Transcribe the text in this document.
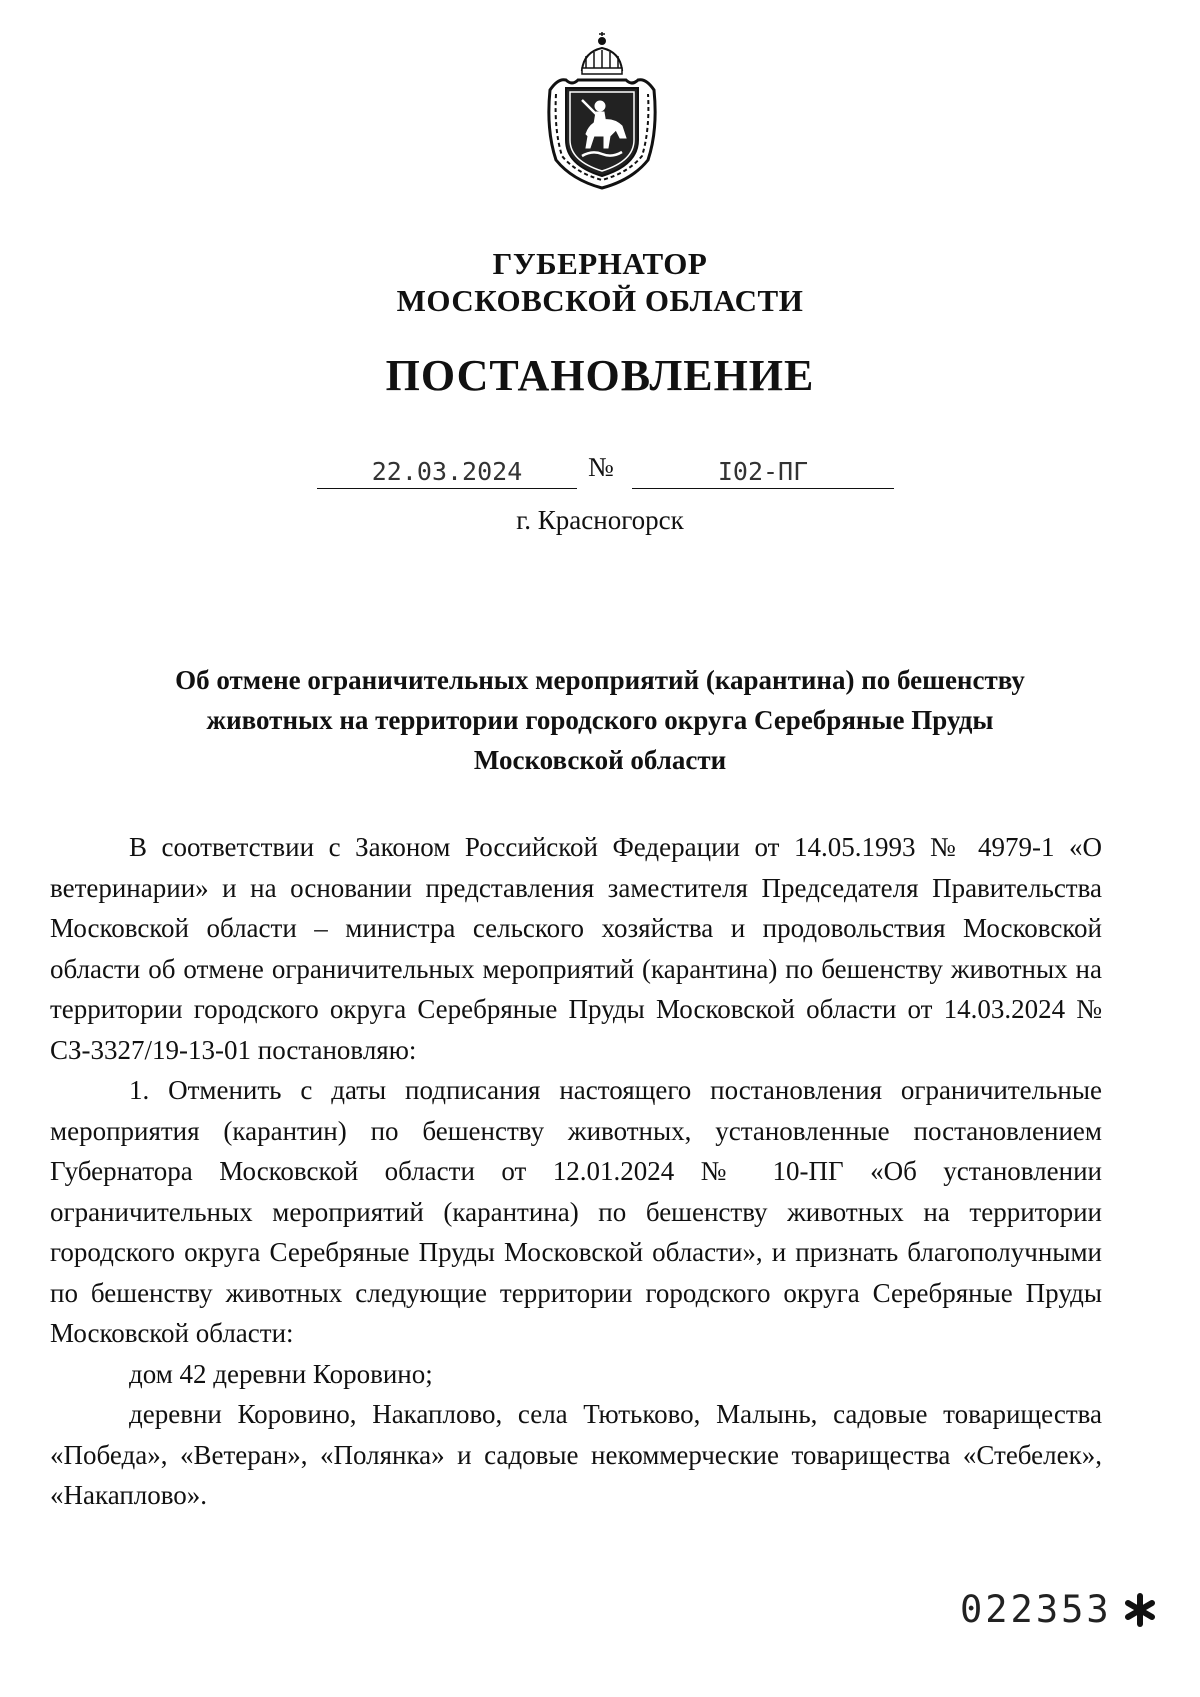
ГУБЕРНАТОР
МОСКОВСКОЙ ОБЛАСТИ
ПОСТАНОВЛЕНИЕ
22.03.2024	№	I02-ПГ
г. Красногорск
Об отмене ограничительных мероприятий (карантина) по бешенству
животных на территории городского округа Серебряные Пруды
Московской области

В соответствии с Законом Российской Федерации от 14.05.1993 № 4979-1 «О ветеринарии» и на основании представления заместителя Председателя Правительства Московской области – министра сельского хозяйства и продовольствия Московской области об отмене ограничительных мероприятий (карантина) по бешенству животных на территории городского округа Серебряные Пруды Московской области от 14.03.2024 № СЗ-3327/19-13-01 постановляю:

1. Отменить с даты подписания настоящего постановления ограничительные мероприятия (карантин) по бешенству животных, установленные постановлением Губернатора Московской области от 12.01.2024 № 10-ПГ «Об установлении ограничительных мероприятий (карантина) по бешенству животных на территории городского округа Серебряные Пруды Московской области», и признать благополучными по бешенству животных следующие территории городского округа Серебряные Пруды Московской области:

дом 42 деревни Коровино;

деревни Коровино, Накаплово, села Тютьково, Малынь, садовые товарищества «Победа», «Ветеран», «Полянка» и садовые некоммерческие товарищества «Стебелек», «Накаплово».

022353
